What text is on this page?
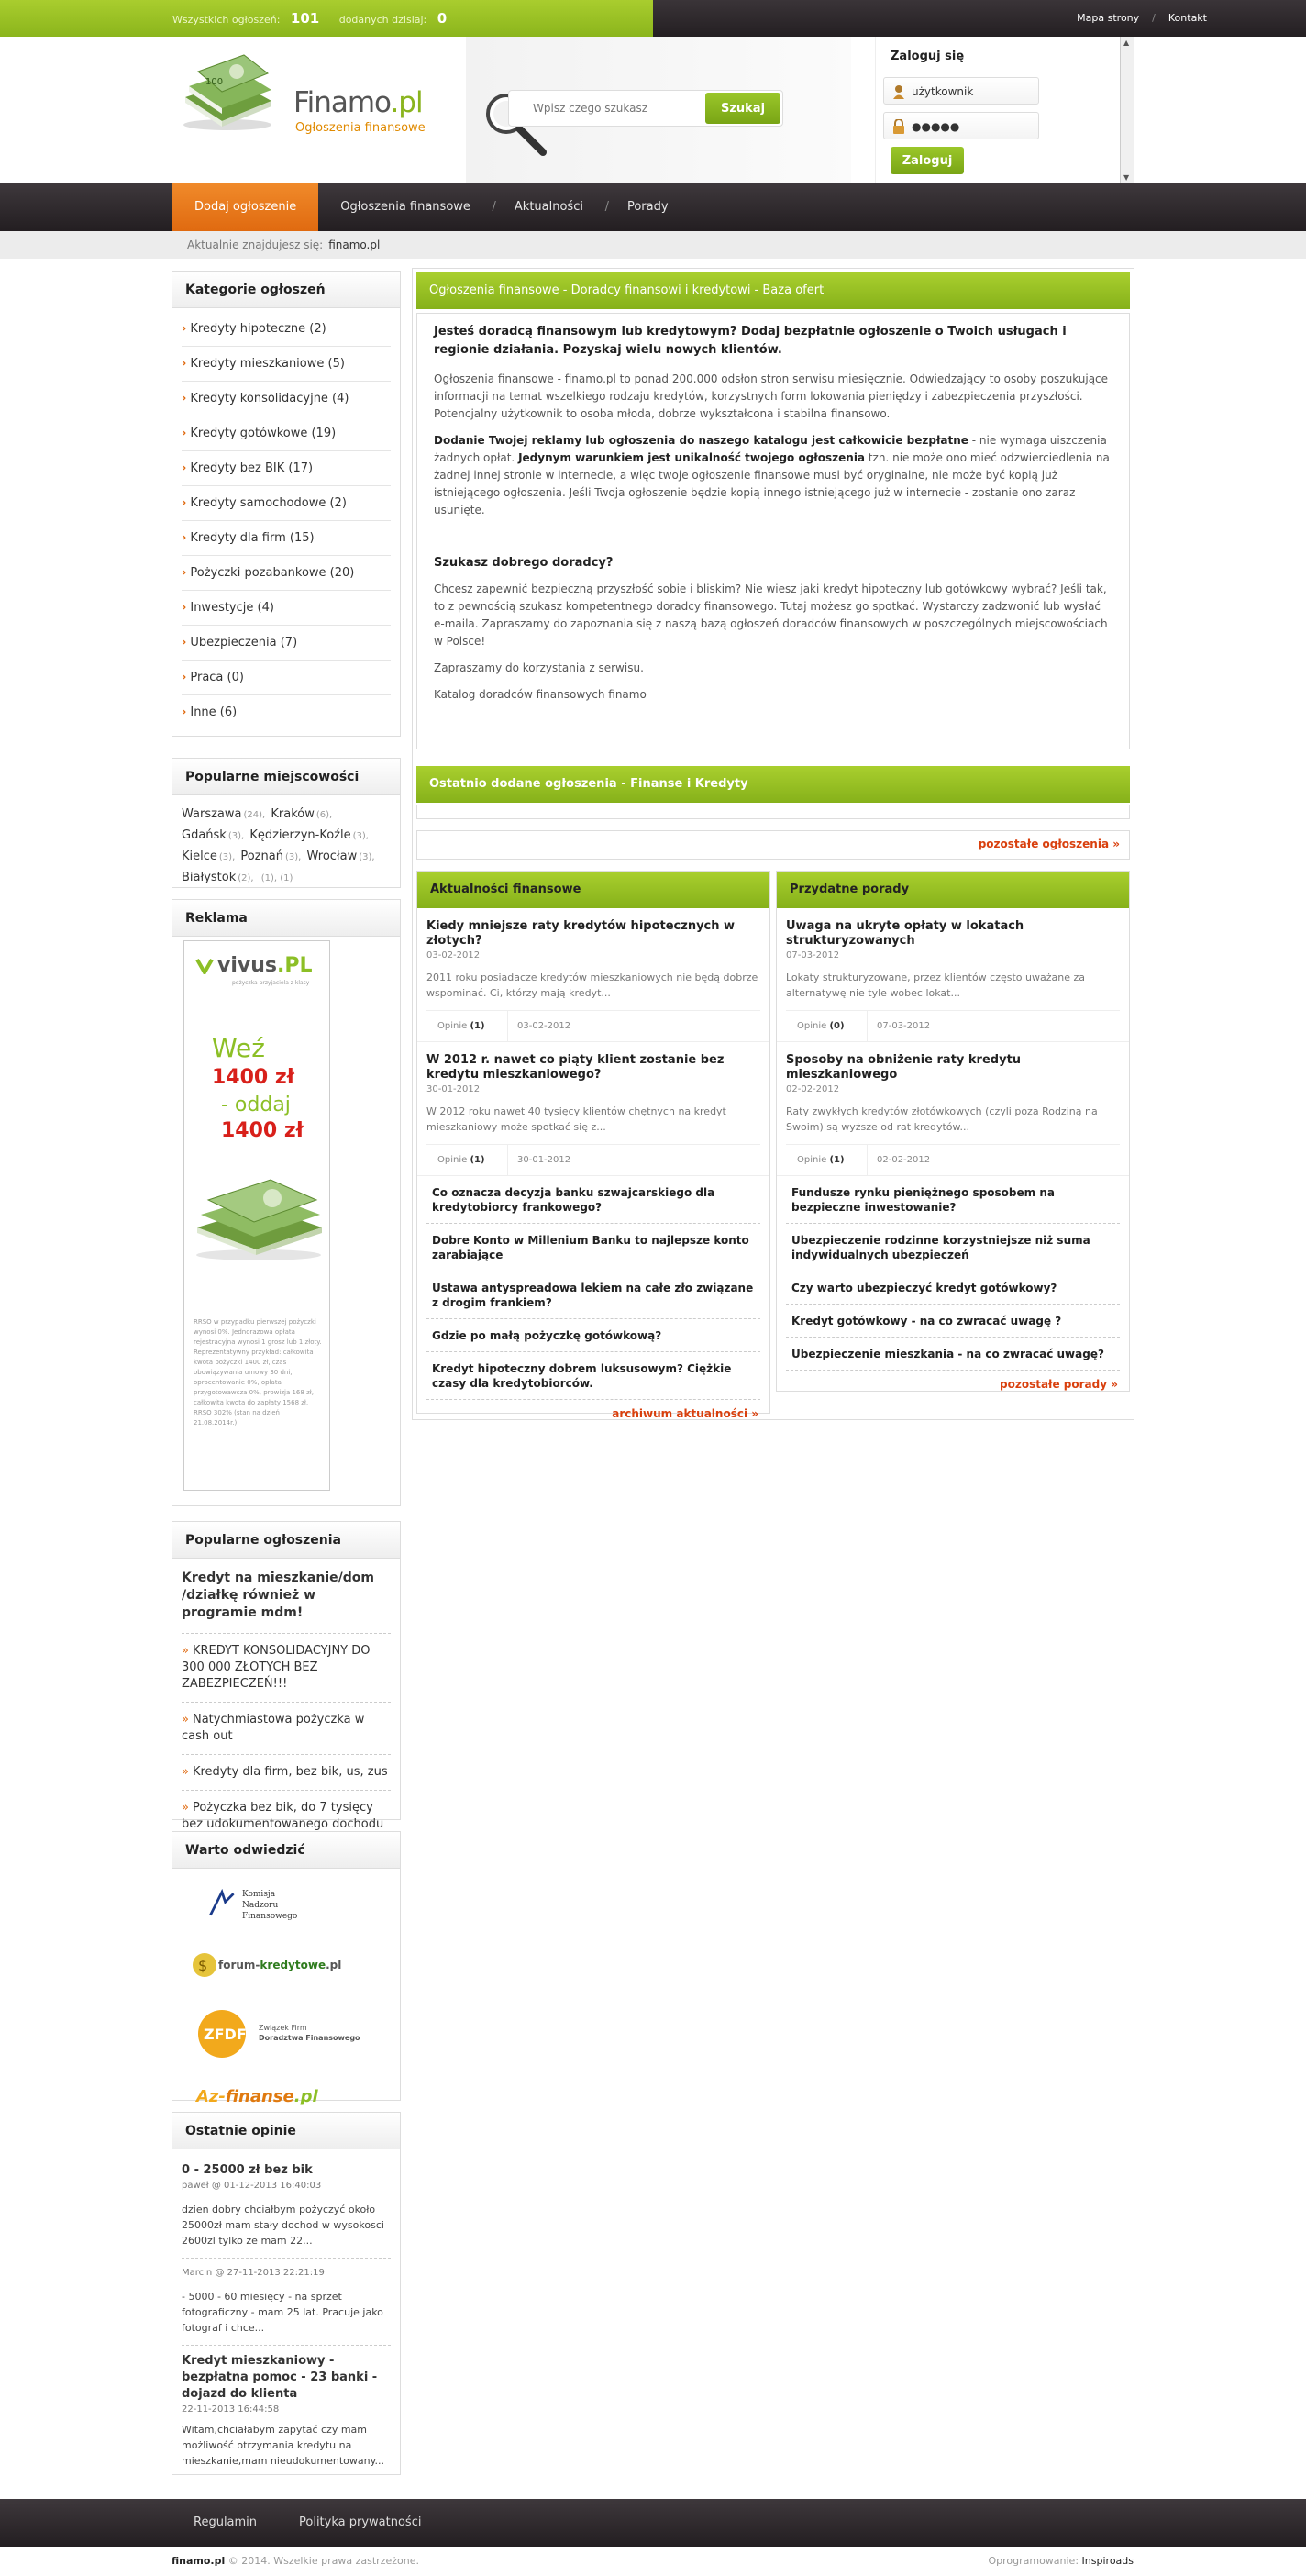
Wszystkich ogłoszeń: 101 dodanych dzisiaj: 0	Mapa strony / Kontakt
100
Finamo.pl
Ogłoszenia finansowe
Wpisz czego szukasz
Szukaj
Zaloguj się
użytkownik
●●●●●
Zaloguj
▲
▼
Dodaj ogłoszenie	Ogłoszenia finansowe /	Aktualności /	Porady
Aktualnie znajdujesz się: finamo.pl
Kategorie ogłoszeń
› Kredyty hipoteczne (2)
› Kredyty mieszkaniowe (5)
› Kredyty konsolidacyjne (4)
› Kredyty gotówkowe (19)
› Kredyty bez BIK (17)
› Kredyty samochodowe (2)
› Kredyty dla firm (15)
› Pożyczki pozabankowe (20)
› Inwestycje (4)
› Ubezpieczenia (7)
› Praca (0)
› Inne (6)
Popularne miejscowości
Warszawa (24), Kraków (6), Gdańsk (3), Kędzierzyn-Koźle (3), Kielce (3), Poznań (3), Wrocław (3), Białystok (2), (1), (1)
Reklama
vivus.PL
pożyczka przyjaciela z klasy
Weź
1400 zł
- oddaj
1400 zł
RRSO w przypadku pierwszej pożyczki wynosi 0%. Jednorazowa opłata rejestracyjna wynosi 1 grosz lub 1 złoty. Reprezentatywny przykład: całkowita kwota pożyczki 1400 zł, czas obowiązywania umowy 30 dni, oprocentowanie 0%, opłata przygotowawcza 0%, prowizja 168 zł, całkowita kwota do zapłaty 1568 zł, RRSO 302% (stan na dzień 21.08.2014r.)
Popularne ogłoszenia
Kredyt na mieszkanie/dom /działkę również w programie mdm!
» KREDYT KONSOLIDACYJNY DO 300 000 ZŁOTYCH BEZ ZABEZPIECZEŃ!!!
» Natychmiastowa pożyczka w cash out
» Kredyty dla firm, bez bik, us, zus
» Pożyczka bez bik, do 7 tysięcy bez udokumentowanego dochodu
Warto odwiedzić
Komisja
Nadzoru
Finansowego
$ forum-kredytowe.pl
ZFDF Związek Firm
Doradztwa Finansowego
Az-finanse.pl
Ostatnie opinie
0 - 25000 zł bez bik
paweł @ 01-12-2013 16:40:03
dzien dobry chciałbym pożyczyć około 25000zł mam stały dochod w wysokosci 2600zl tylko ze mam 22...
Marcin @ 27-11-2013 22:21:19
- 5000 - 60 miesięcy - na sprzet fotograficzny - mam 25 lat. Pracuje jako fotograf i chce...
Kredyt mieszkaniowy - bezpłatna pomoc - 23 banki - dojazd do klienta
22-11-2013 16:44:58
Witam,chciałabym zapytać czy mam możliwość otrzymania kredytu na mieszkanie,mam nieudokumentowany...
Ogłoszenia finansowe - Doradcy finansowi i kredytowi - Baza ofert

Jesteś doradcą finansowym lub kredytowym? Dodaj bezpłatnie ogłoszenie o Twoich usługach i regionie działania. Pozyskaj wielu nowych klientów.

Ogłoszenia finansowe - finamo.pl to ponad 200.000 odsłon stron serwisu miesięcznie. Odwiedzający to osoby poszukujące informacji na temat wszelkiego rodzaju kredytów, korzystnych form lokowania pieniędzy i zabezpieczenia przyszłości. Potencjalny użytkownik to osoba młoda, dobrze wykształcona i stabilna finansowo.

Dodanie Twojej reklamy lub ogłoszenia do naszego katalogu jest całkowicie bezpłatne - nie wymaga uiszczenia żadnych opłat. Jedynym warunkiem jest unikalność twojego ogłoszenia tzn. nie może ono mieć odzwierciedlenia na żadnej innej stronie w internecie, a więc twoje ogłoszenie finansowe musi być oryginalne, nie może być kopią już istniejącego ogłoszenia. Jeśli Twoja ogłoszenie będzie kopią innego istniejącego już w internecie - zostanie ono zaraz usunięte.

Szukasz dobrego doradcy?

Chcesz zapewnić bezpieczną przyszłość sobie i bliskim? Nie wiesz jaki kredyt hipoteczny lub gotówkowy wybrać? Jeśli tak, to z pewnością szukasz kompetentnego doradcy finansowego. Tutaj możesz go spotkać. Wystarczy zadzwonić lub wysłać e-maila. Zapraszamy do zapoznania się z naszą bazą ogłoszeń doradców finansowych w poszczególnych miejscowościach w Polsce!

Zapraszamy do korzystania z serwisu.

Katalog doradców finansowych finamo

Ostatnio dodane ogłoszenia - Finanse i Kredyty
pozostałe ogłoszenia »
Aktualności finansowe
Kiedy mniejsze raty kredytów hipotecznych w złotych?
03-02-2012
2011 roku posiadacze kredytów mieszkaniowych nie będą dobrze wspominać. Ci, którzy mają kredyt...
Opinie (1)	03-02-2012
W 2012 r. nawet co piąty klient zostanie bez kredytu mieszkaniowego?
30-01-2012
W 2012 roku nawet 40 tysięcy klientów chętnych na kredyt mieszkaniowy może spotkać się z...
Opinie (1)	30-01-2012
Co oznacza decyzja banku szwajcarskiego dla kredytobiorcy frankowego?
Dobre Konto w Millenium Banku to najlepsze konto zarabiające
Ustawa antyspreadowa lekiem na całe zło związane z drogim frankiem?
Gdzie po małą pożyczkę gotówkową?
Kredyt hipoteczny dobrem luksusowym? Ciężkie czasy dla kredytobiorców.
archiwum aktualności »
Przydatne porady
Uwaga na ukryte opłaty w lokatach strukturyzowanych
07-03-2012
Lokaty strukturyzowane, przez klientów często uważane za alternatywę nie tyle wobec lokat...
Opinie (0)	07-03-2012
Sposoby na obniżenie raty kredytu mieszkaniowego
02-02-2012
Raty zwykłych kredytów złotówkowych (czyli poza Rodziną na Swoim) są wyższe od rat kredytów...
Opinie (1)	02-02-2012
Fundusze rynku pieniężnego sposobem na bezpieczne inwestowanie?
Ubezpieczenie rodzinne korzystniejsze niż suma indywidualnych ubezpieczeń
Czy warto ubezpieczyć kredyt gotówkowy?
Kredyt gotówkowy - na co zwracać uwagę ?
Ubezpieczenie mieszkania - na co zwracać uwagę?
pozostałe porady »
Regulamin	Polityka prywatności
finamo.pl © 2014. Wszelkie prawa zastrzeżone.	Oprogramowanie: Inspiroads
